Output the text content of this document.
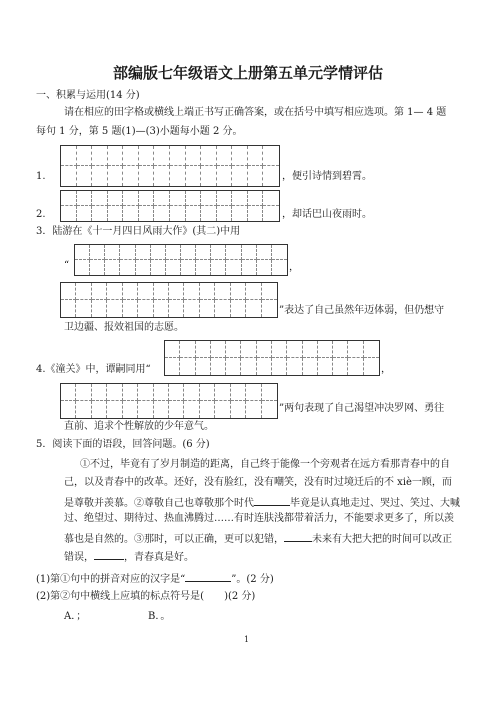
部编版七年级语文上册第五单元学情评估
一、积累与运用(14 分)
请在相应的田字格或横线上端正书写正确答案，或在括号中填写相应选项。第 1— 4 题
每句 1 分，第 5 题(1)—(3)小题每小题 2 分。
1.	，便引诗情到碧霄。
2.	，却话巴山夜雨时。
3．陆游在《十一月四日风雨大作》(其二)中用
“	，
”表达了自己虽然年迈体弱，但仍想守
卫边疆、报效祖国的志愿。
4.《潼关》中，谭嗣同用“	，
”两句表现了自己渴望冲决罗网、勇往
直前、追求个性解放的少年意气。
5．阅读下面的语段，回答问题。(6 分)
①不过，毕竟有了岁月制造的距离，自己终于能像一个旁观者在远方看那青春中的自
己，以及青春中的改革。还好，没有脸红，没有嘲笑，没有时过境迁后的不 xiè一顾，而
是尊敬并羡慕。②尊敬自己也尊敬那个时代	毕竟是认真地走过、哭过、笑过、大喊
过、绝望过、期待过、热血沸腾过……有时连肤浅都带着活力，不能要求更多了，所以羡
慕也是自然的。③那时，可以正确，更可以犯错，	未来有大把大把的时间可以改正
错误，	，青春真是好。
(1)第①句中的拼音对应的汉字是“	”。(2 分)
(2)第②句中横线上应填的标点符号是(　　)(2 分)
A．；	B．。
1
